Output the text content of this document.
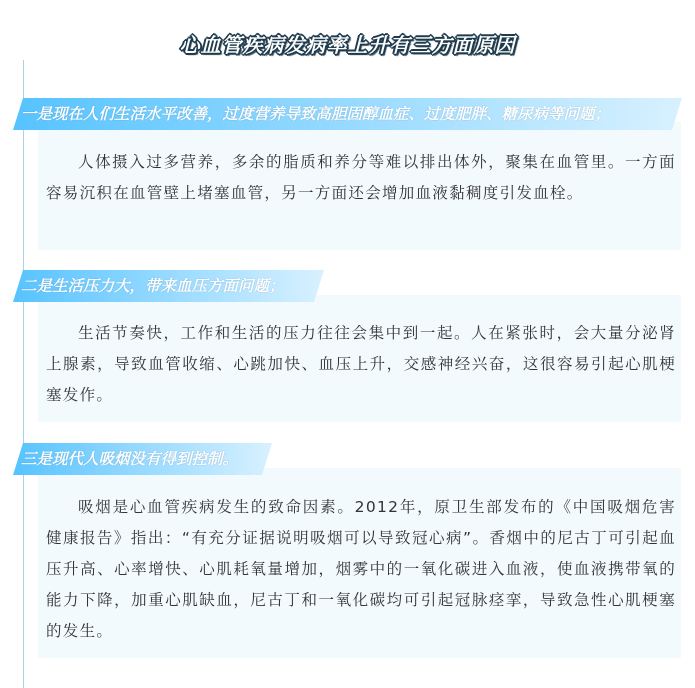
心血管疾病发病率上升有三方面原因
一是现在人们生活水平改善，过度营养导致高胆固醇血症、过度肥胖、糖尿病等问题；
人体摄入过多营养，多余的脂质和养分等难以排出体外，聚集在血管里。一方面容易沉积在血管壁上堵塞血管，另一方面还会增加血液黏稠度引发血栓。
二是生活压力大，带来血压方面问题；
生活节奏快，工作和生活的压力往往会集中到一起。人在紧张时，会大量分泌肾上腺素，导致血管收缩、心跳加快、血压上升，交感神经兴奋，这很容易引起心肌梗塞发作。
三是现代人吸烟没有得到控制。
吸烟是心血管疾病发生的致命因素。2012年，原卫生部发布的《中国吸烟危害健康报告》指出：“有充分证据说明吸烟可以导致冠心病”。香烟中的尼古丁可引起血压升高、心率增快、心肌耗氧量增加，烟雾中的一氧化碳进入血液，使血液携带氧的能力下降，加重心肌缺血，尼古丁和一氧化碳均可引起冠脉痉挛，导致急性心肌梗塞的发生。
